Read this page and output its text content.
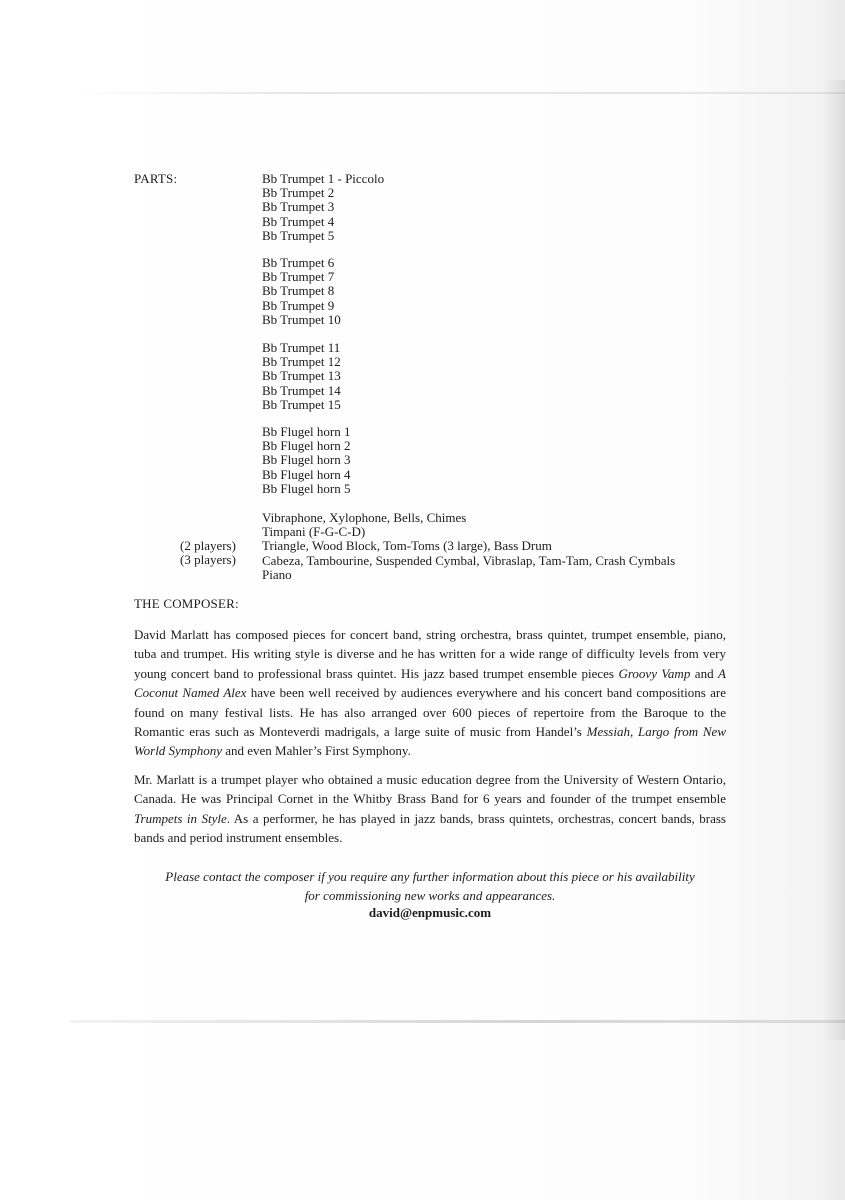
PARTS:	Bb Trumpet 1 - Piccolo
Bb Trumpet 2
Bb Trumpet 3
Bb Trumpet 4
Bb Trumpet 5
Bb Trumpet 6
Bb Trumpet 7
Bb Trumpet 8
Bb Trumpet 9
Bb Trumpet 10
Bb Trumpet 11
Bb Trumpet 12
Bb Trumpet 13
Bb Trumpet 14
Bb Trumpet 15
Bb Flugel horn 1
Bb Flugel horn 2
Bb Flugel horn 3
Bb Flugel horn 4
Bb Flugel horn 5
Vibraphone, Xylophone, Bells, Chimes
Timpani (F-G-C-D)
Triangle, Wood Block, Tom-Toms (3 large), Bass Drum
Cabeza, Tambourine, Suspended Cymbal, Vibraslap, Tam-Tam, Crash Cymbals
Piano
(2 players)
(3 players)
THE COMPOSER:
David Marlatt has composed pieces for concert band, string orchestra, brass quintet, trumpet ensemble, piano, tuba and trumpet. His writing style is diverse and he has written for a wide range of difficulty levels from very young concert band to professional brass quintet. His jazz based trumpet ensemble pieces Groovy Vamp and A Coconut Named Alex have been well received by audiences everywhere and his concert band compositions are found on many festival lists. He has also arranged over 600 pieces of repertoire from the Baroque to the Romantic eras such as Monteverdi madrigals, a large suite of music from Handel’s Messiah, Largo from New World Symphony and even Mahler’s First Symphony.
Mr. Marlatt is a trumpet player who obtained a music education degree from the University of Western Ontario, Canada. He was Principal Cornet in the Whitby Brass Band for 6 years and founder of the trumpet ensemble Trumpets in Style. As a performer, he has played in jazz bands, brass quintets, orchestras, concert bands, brass bands and period instrument ensembles.
Please contact the composer if you require any further information about this piece or his availability
for commissioning new works and appearances.
david@enpmusic.com
